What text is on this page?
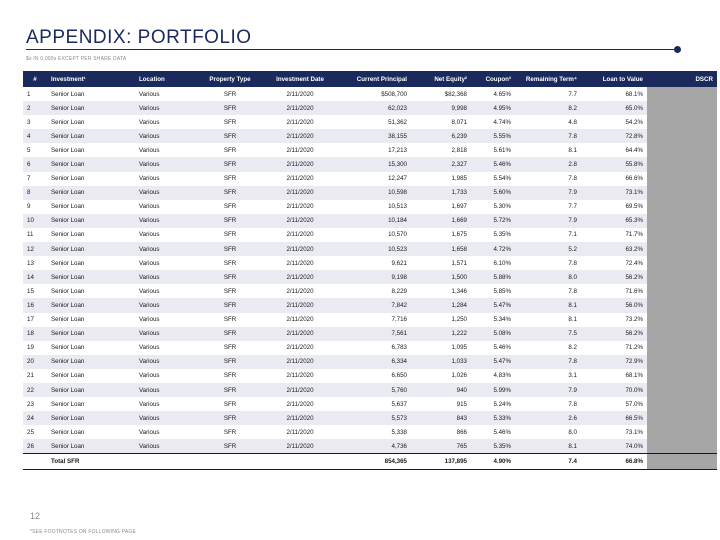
APPENDIX: PORTFOLIO
$s IN 0,000s EXCEPT PER SHARE DATA
#	Investment¹	Location	Property Type	Investment Date	Current Principal	Net Equity²	Coupon³	Remaining Term⁴	Loan to Value	DSCR
1	Senior Loan	Various	SFR	2/11/2020	$508,700	$82,368	4.65%	7.7	68.1%	
2	Senior Loan	Various	SFR	2/11/2020	62,023	9,998	4.95%	8.2	65.0%	
3	Senior Loan	Various	SFR	2/11/2020	51,362	8,071	4.74%	4.8	54.2%	
4	Senior Loan	Various	SFR	2/11/2020	38,155	6,239	5.55%	7.8	72.8%	
5	Senior Loan	Various	SFR	2/11/2020	17,213	2,818	5.61%	8.1	64.4%	
6	Senior Loan	Various	SFR	2/11/2020	15,300	2,327	5.46%	2.8	55.8%	
7	Senior Loan	Various	SFR	2/11/2020	12,247	1,985	5.54%	7.8	66.6%	
8	Senior Loan	Various	SFR	2/11/2020	10,598	1,733	5.60%	7.9	73.1%	
9	Senior Loan	Various	SFR	2/11/2020	10,513	1,697	5.30%	7.7	69.5%	
10	Senior Loan	Various	SFR	2/11/2020	10,184	1,669	5.72%	7.9	65.3%	
11	Senior Loan	Various	SFR	2/11/2020	10,570	1,675	5.35%	7.1	71.7%	
12	Senior Loan	Various	SFR	2/11/2020	10,523	1,658	4.72%	5.2	63.2%	
13	Senior Loan	Various	SFR	2/11/2020	9,621	1,571	6.10%	7.8	72.4%	
14	Senior Loan	Various	SFR	2/11/2020	9,198	1,500	5.88%	8.0	56.2%	
15	Senior Loan	Various	SFR	2/11/2020	8,229	1,346	5.85%	7.8	71.6%	
16	Senior Loan	Various	SFR	2/11/2020	7,842	1,284	5.47%	8.1	56.0%	
17	Senior Loan	Various	SFR	2/11/2020	7,716	1,250	5.34%	8.1	73.2%	
18	Senior Loan	Various	SFR	2/11/2020	7,561	1,222	5.08%	7.5	56.2%	
19	Senior Loan	Various	SFR	2/11/2020	6,783	1,095	5.46%	8.2	71.2%	
20	Senior Loan	Various	SFR	2/11/2020	6,334	1,033	5.47%	7.8	72.9%	
21	Senior Loan	Various	SFR	2/11/2020	6,650	1,026	4.83%	3.1	68.1%	
22	Senior Loan	Various	SFR	2/11/2020	5,760	940	5.99%	7.9	70.0%	
23	Senior Loan	Various	SFR	2/11/2020	5,637	915	5.24%	7.8	57.0%	
24	Senior Loan	Various	SFR	2/11/2020	5,573	843	5.33%	2.6	66.5%	
25	Senior Loan	Various	SFR	2/11/2020	5,338	866	5.46%	8.0	73.1%	
26	Senior Loan	Various	SFR	2/11/2020	4,736	765	5.35%	8.1	74.0%	
	Total SFR				854,365	137,895	4.90%	7.4	66.8%	
12
*SEE FOOTNOTES ON FOLLOWING PAGE
